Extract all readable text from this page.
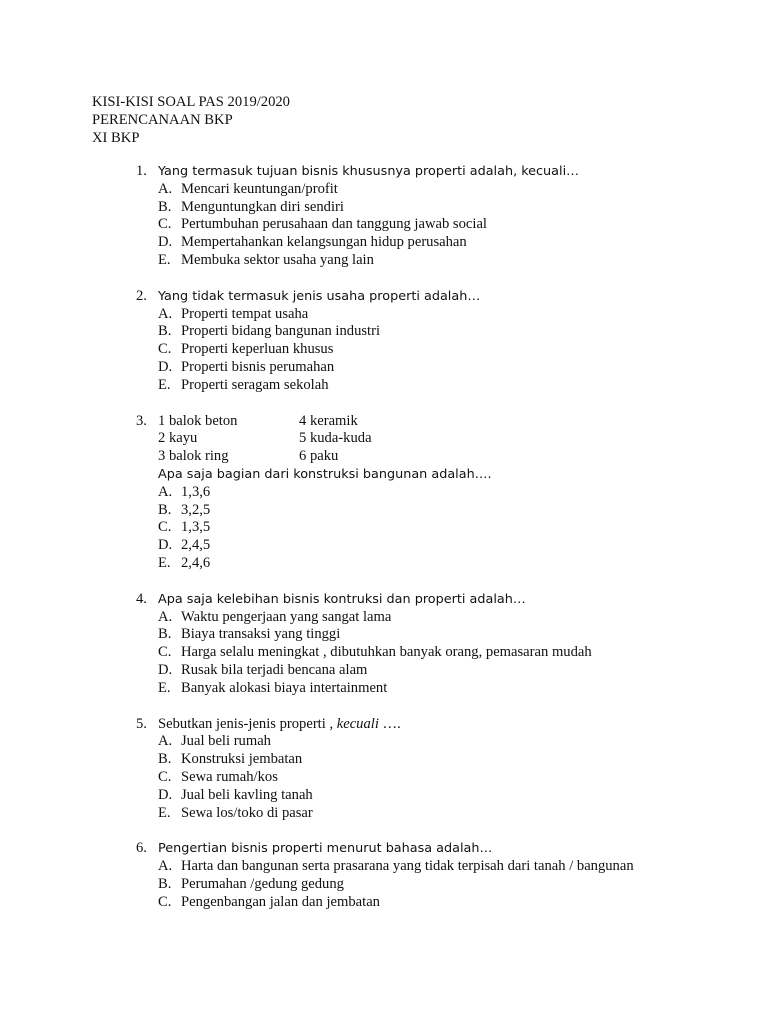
KISI-KISI SOAL PAS 2019/2020
PERENCANAAN BKP
XI BKP
1. Yang termasuk tujuan bisnis khususnya properti adalah, kecuali…
A. Mencari keuntungan/profit
B. Menguntungkan diri sendiri
C. Pertumbuhan perusahaan dan tanggung jawab social
D. Mempertahankan kelangsungan hidup perusahan
E. Membuka sektor usaha yang lain
2. Yang tidak termasuk jenis usaha properti adalah…
A. Properti tempat usaha
B. Properti bidang bangunan industri
C. Properti keperluan khusus
D. Properti bisnis perumahan
E. Properti seragam sekolah
3. 1 balok beton	4 keramik
2 kayu	5 kuda-kuda
3 balok ring	6 paku
Apa saja bagian dari konstruksi bangunan adalah….
A. 1,3,6
B. 3,2,5
C. 1,3,5
D. 2,4,5
E. 2,4,6
4. Apa saja kelebihan bisnis kontruksi dan properti adalah…
A. Waktu pengerjaan yang sangat lama
B. Biaya transaksi yang tinggi
C. Harga selalu meningkat , dibutuhkan banyak orang, pemasaran mudah
D. Rusak bila terjadi bencana alam
E. Banyak alokasi biaya intertainment
5. Sebutkan jenis-jenis properti , kecuali ….
A. Jual beli rumah
B. Konstruksi jembatan
C. Sewa rumah/kos
D. Jual beli kavling tanah
E. Sewa los/toko di pasar
6. Pengertian bisnis properti menurut bahasa adalah…
A. Harta dan bangunan serta prasarana yang tidak terpisah dari tanah / bangunan
B. Perumahan /gedung gedung
C. Pengenbangan jalan dan jembatan
